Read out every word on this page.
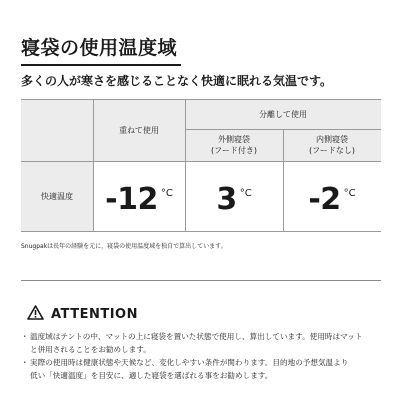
寝袋の使用温度域
多くの人が寒さを感じることなく快適に眠れる気温です。
重ねて使用
分離して使用
外側寝袋
(フード付き)
内側寝袋
(フードなし)
快適温度 -12 °C 3 °C -2 °C
Snugpakは長年の経験を元に、寝袋の使用温度域を独自で算出しています。
ATTENTION
・ 温度域はテントの中、マットの上に寝袋を置いた状態で使用し、算出しています。使用時はマット
と併用されることをお勧めします。
・ 実際の使用時は健康状態や天候など、変化しやすい条件が関わります。目的地の予想気温より
低い「快適温度」を目安に、適した寝袋を選ばれる事をお勧めします。
